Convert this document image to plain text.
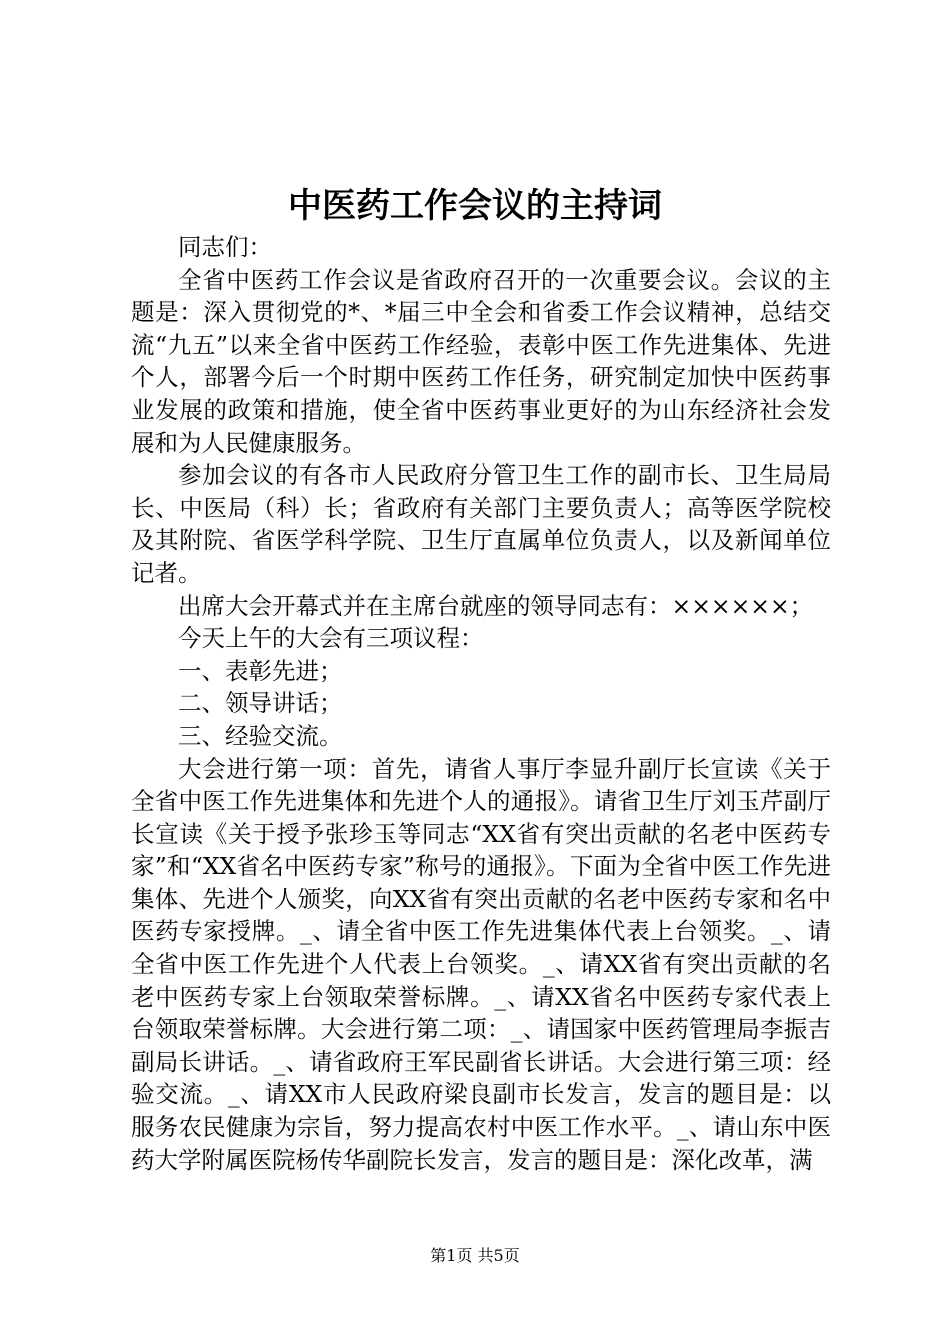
中医药工作会议的主持词

同志们：

全省中医药工作会议是省政府召开的一次重要会议。会议的主题是：深入贯彻党的*、*届三中全会和省委工作会议精神，总结交流“九五”以来全省中医药工作经验，表彰中医工作先进集体、先进个人，部署今后一个时期中医药工作任务，研究制定加快中医药事业发展的政策和措施，使全省中医药事业更好的为山东经济社会发展和为人民健康服务。

参加会议的有各市人民政府分管卫生工作的副市长、卫生局局长、中医局（科）长；省政府有关部门主要负责人；高等医学院校及其附院、省医学科学院、卫生厅直属单位负责人，以及新闻单位记者。

出席大会开幕式并在主席台就座的领导同志有：××××××；

今天上午的大会有三项议程：

一、表彰先进；

二、领导讲话；

三、经验交流。

大会进行第一项：首先，请省人事厅李显升副厅长宣读《关于全省中医工作先进集体和先进个人的通报》。请省卫生厅刘玉芹副厅长宣读《关于授予张珍玉等同志“XX省有突出贡献的名老中医药专家”和“XX省名中医药专家”称号的通报》。下面为全省中医工作先进集体、先进个人颁奖，向XX省有突出贡献的名老中医药专家和名中医药专家授牌。_、请全省中医工作先进集体代表上台领奖。_、请全省中医工作先进个人代表上台领奖。_、请XX省有突出贡献的名老中医药专家上台领取荣誉标牌。_、请XX省名中医药专家代表上台领取荣誉标牌。大会进行第二项：_、请国家中医药管理局李振吉副局长讲话。_、请省政府王军民副省长讲话。大会进行第三项：经验交流。_、请XX市人民政府梁良副市长发言，发言的题目是：以服务农民健康为宗旨，努力提高农村中医工作水平。_、请山东中医药大学附属医院杨传华副院长发言，发言的题目是：深化改革，满

第1页 共5页
